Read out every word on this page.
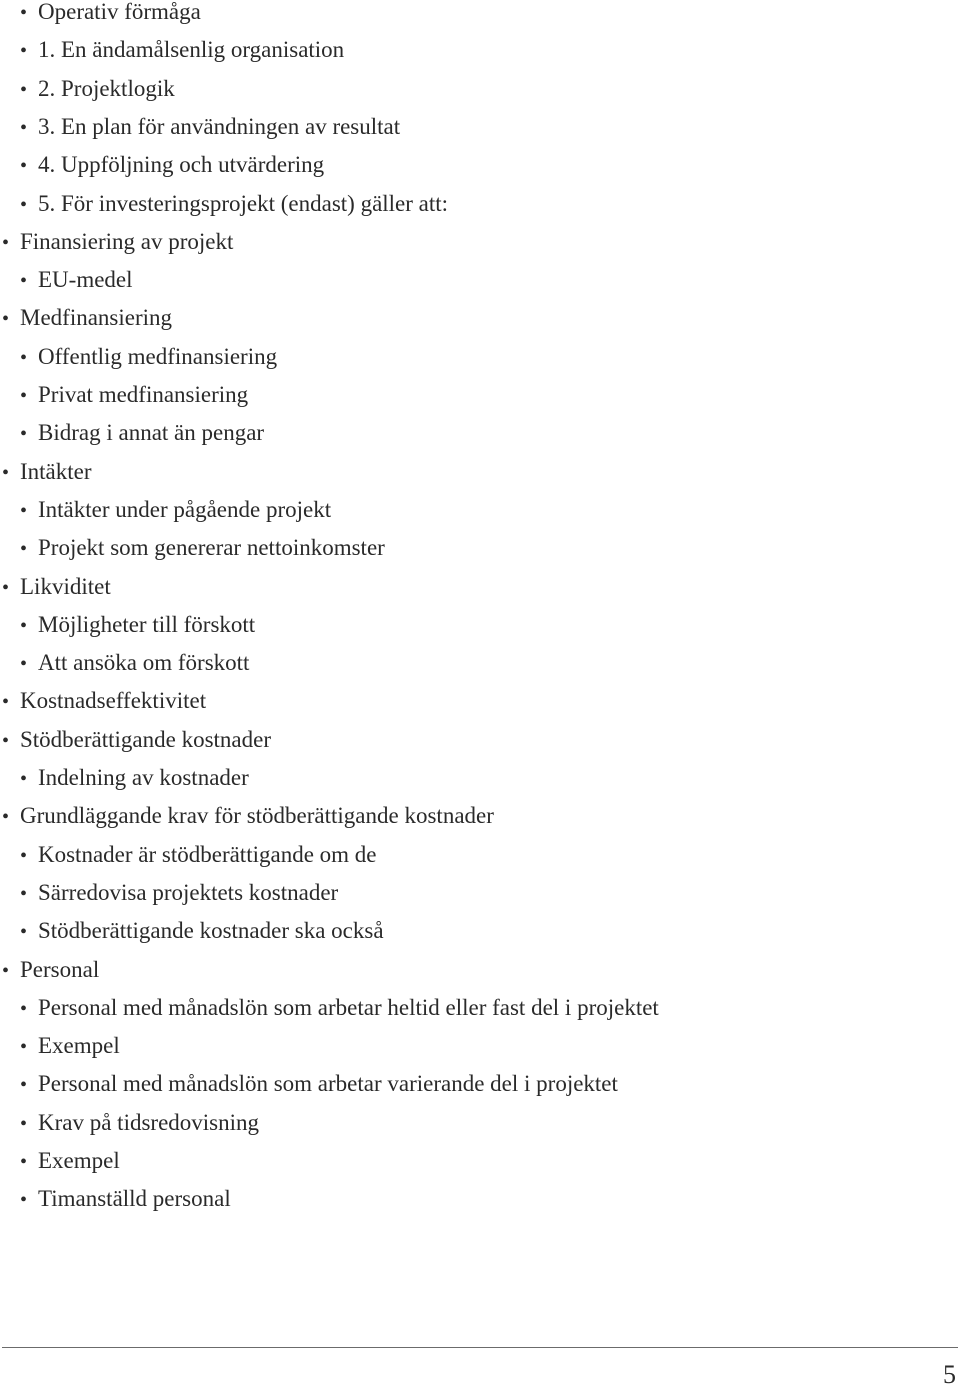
• Operativ förmåga
• 1. En ändamålsenlig organisation
• 2. Projektlogik
• 3. En plan för användningen av resultat
• 4. Uppföljning och utvärdering
• 5. För investeringsprojekt (endast) gäller att:
• Finansiering av projekt
• EU-medel
• Medfinansiering
• Offentlig medfinansiering
• Privat medfinansiering
• Bidrag i annat än pengar
• Intäkter
• Intäkter under pågående projekt
• Projekt som genererar nettoinkomster
• Likviditet
• Möjligheter till förskott
• Att ansöka om förskott
• Kostnadseffektivitet
• Stödberättigande kostnader
• Indelning av kostnader
• Grundläggande krav för stödberättigande kostnader
• Kostnader är stödberättigande om de
• Särredovisa projektets kostnader
• Stödberättigande kostnader ska också
• Personal
• Personal med månadslön som arbetar heltid eller fast del i projektet
• Exempel
• Personal med månadslön som arbetar varierande del i projektet
• Krav på tidsredovisning
• Exempel
• Timanställd personal
5
